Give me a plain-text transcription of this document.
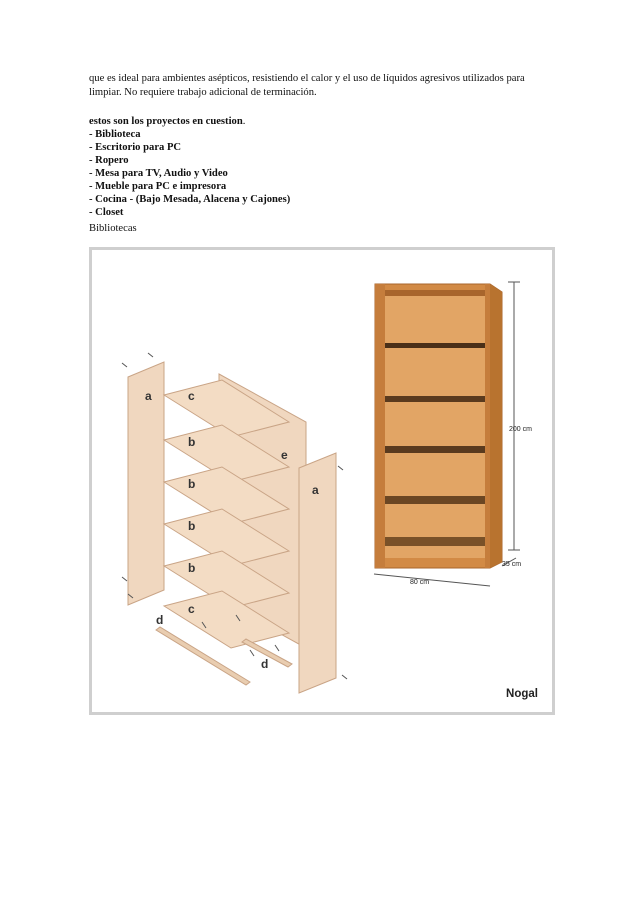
que es ideal para ambientes asépticos, resistiendo el calor y el uso de líquidos agresivos utilizados para limpiar. No requiere trabajo adicional de terminación.

estos son los proyectos en cuestion.
- Biblioteca
- Escritorio para PC
- Ropero
- Mesa para TV, Audio y Video
- Mueble para PC e impresora
- Cocina - (Bajo Mesada, Alacena y Cajones)
- Closet

Bibliotecas

a	c
b
b
b
b
c
d
d
e
a
200 cm
80 cm
35 cm
Nogal
